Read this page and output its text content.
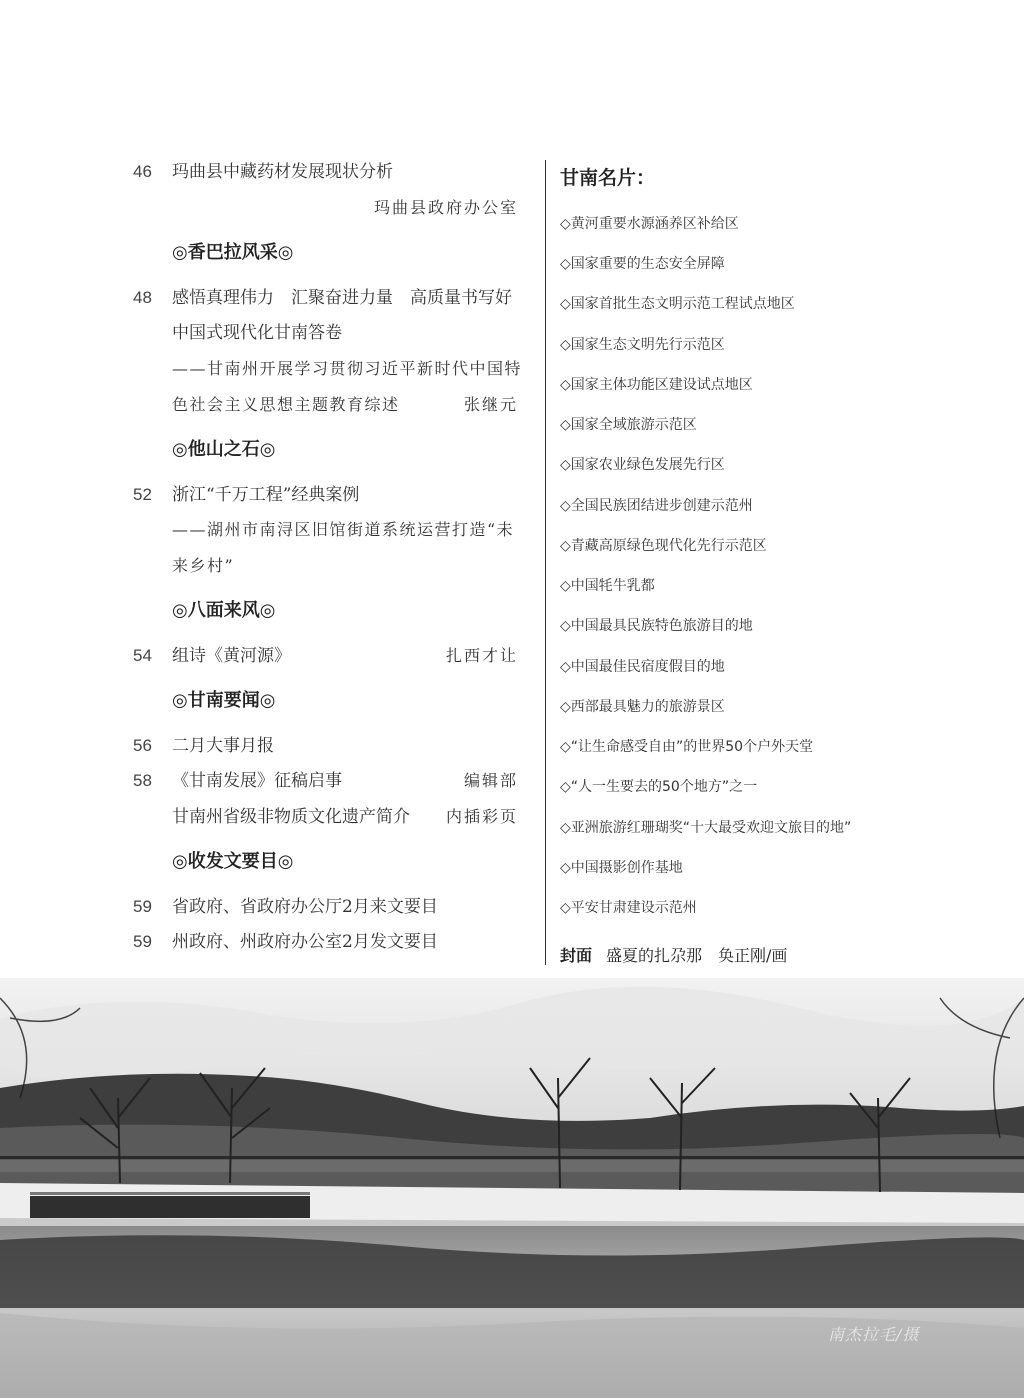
46 玛曲县中藏药材发展现状分析
玛曲县政府办公室
◎香巴拉风采◎
48 感悟真理伟力　汇聚奋进力量　高质量书写好
中国式现代化甘南答卷
——甘南州开展学习贯彻习近平新时代中国特
色社会主义思想主题教育综述	张继元
◎他山之石◎
52 浙江“千万工程”经典案例
——湖州市南浔区旧馆街道系统运营打造“未
来乡村”
◎八面来风◎
54 组诗《黄河源》	扎西才让
◎甘南要闻◎
56 二月大事月报
58 《甘南发展》征稿启事	编辑部
甘南州省级非物质文化遗产简介	内插彩页
◎收发文要目◎
59 省政府、省政府办公厅2月来文要目
59 州政府、州政府办公室2月发文要目
甘南名片：
◇黄河重要水源涵养区补给区
◇国家重要的生态安全屏障
◇国家首批生态文明示范工程试点地区
◇国家生态文明先行示范区
◇国家主体功能区建设试点地区
◇国家全域旅游示范区
◇国家农业绿色发展先行区
◇全国民族团结进步创建示范州
◇青藏高原绿色现代化先行示范区
◇中国牦牛乳都
◇中国最具民族特色旅游目的地
◇中国最佳民宿度假目的地
◇西部最具魅力的旅游景区
◇“让生命感受自由”的世界50个户外天堂
◇“人一生要去的50个地方”之一
◇亚洲旅游红珊瑚奖“十大最受欢迎文旅目的地”
◇中国摄影创作基地
◇平安甘肃建设示范州
封面 盛夏的扎尕那　奂正刚/画
南杰拉毛/摄
